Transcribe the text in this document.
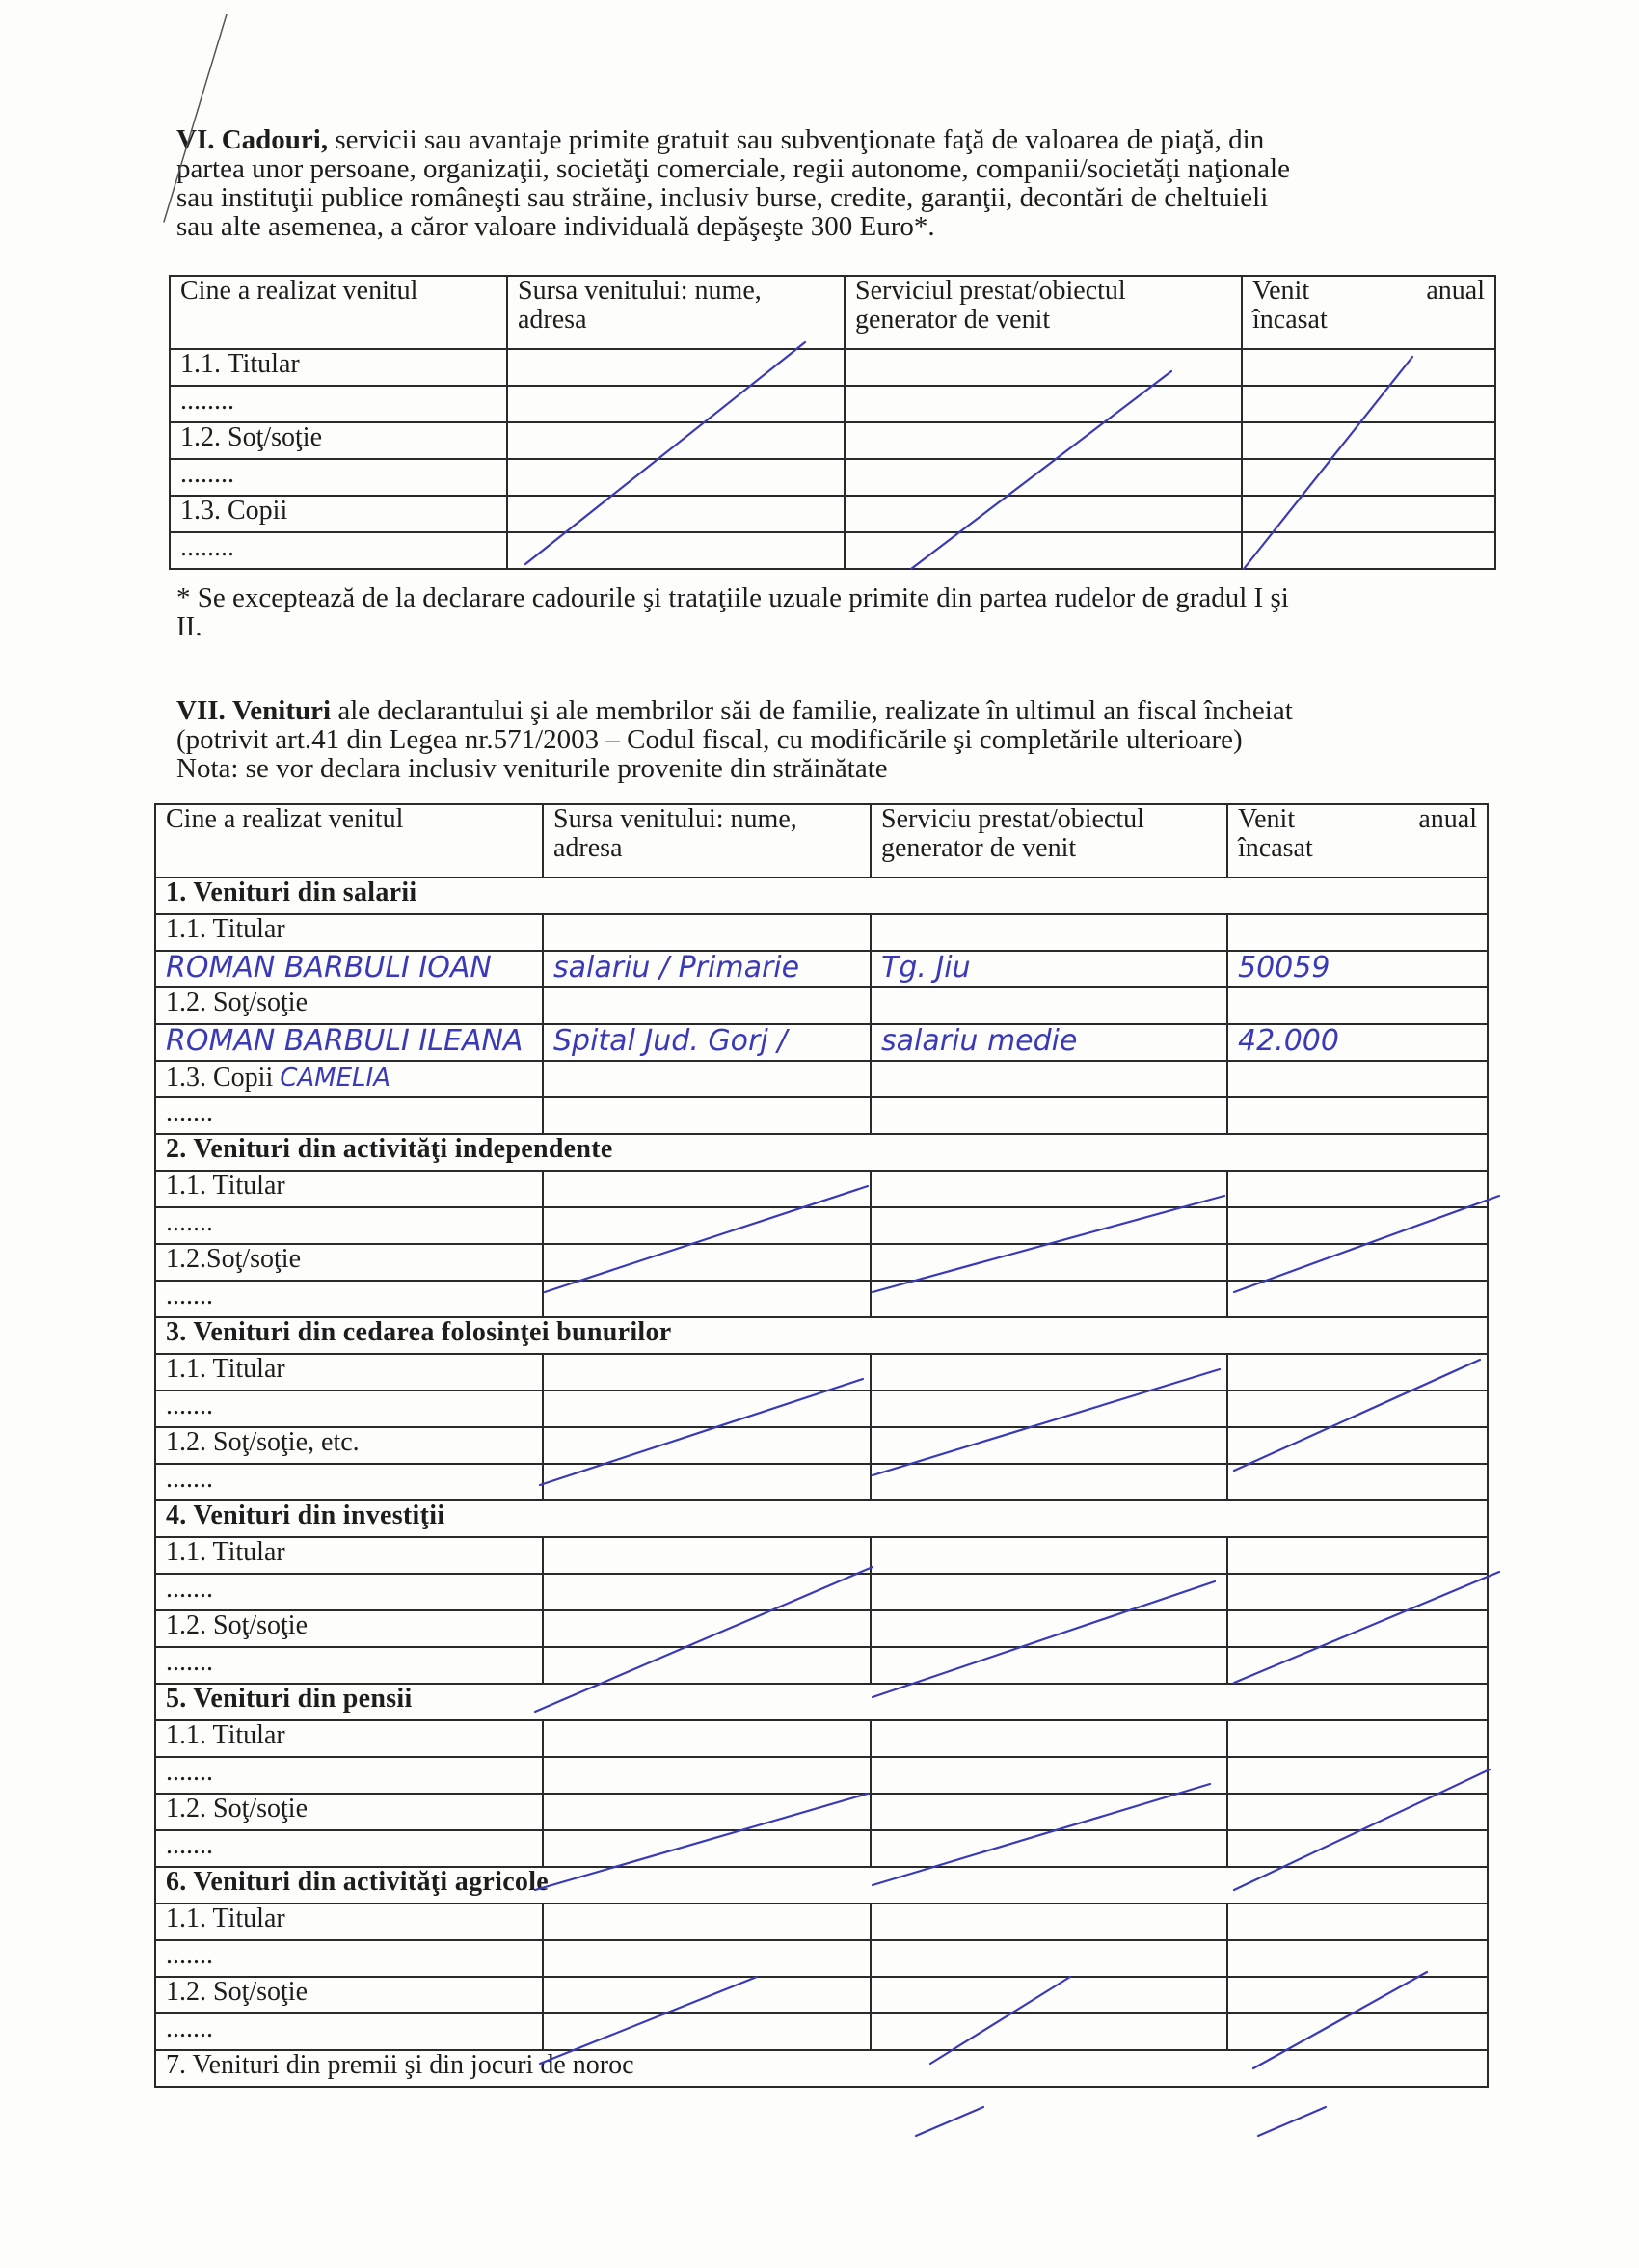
VI. Cadouri, servicii sau avantaje primite gratuit sau subvenţionate faţă de valoarea de piaţă, din

partea unor persoane, organizaţii, societăţi comerciale, regii autonome, companii/societăţi naţionale

sau instituţii publice româneşti sau străine, inclusiv burse, credite, garanţii, decontări de cheltuieli

sau alte asemenea, a căror valoare individuală depăşeşte 300 Euro*.

Cine a realizat venitul	Sursa venitului: nume, adresa	Serviciul prestat/obiectul generator de venit	Venit anual
încasat

1.1. Titular			
........			
1.2. Soţ/soţie			
........			
1.3. Copii			
........			

* Se exceptează de la declarare cadourile şi trataţiile uzuale primite din partea rudelor de gradul I şi

II.

VII. Venituri ale declarantului şi ale membrilor săi de familie, realizate în ultimul an fiscal încheiat

(potrivit art.41 din Legea nr.571/2003 – Codul fiscal, cu modificările şi completările ulterioare)

Nota: se vor declara inclusiv veniturile provenite din străinătate

Cine a realizat venitul	Sursa venitului: nume, adresa	Serviciu prestat/obiectul generator de venit	Venit anual
încasat

1. Venituri din salarii			
1.1. Titular			
ROMAN BARBULI IOAN	salariu / Primarie	Tg. Jiu	50059
1.2. Soţ/soţie			
ROMAN BARBULI ILEANA	Spital Jud. Gorj /	salariu medie	42.000
1.3. Copii CAMELIA			
.......			
2. Venituri din activităţi independente			
1.1. Titular			
.......			
1.2.Soţ/soţie			
.......			
3. Venituri din cedarea folosinţei bunurilor			
1.1. Titular			
.......			
1.2. Soţ/soţie, etc.			
.......			
4. Venituri din investiţii			
1.1. Titular			
.......			
1.2. Soţ/soţie			
.......			
5. Venituri din pensii			
1.1. Titular			
.......			
1.2. Soţ/soţie			
.......			
6. Venituri din activităţi agricole			
1.1. Titular			
.......			
1.2. Soţ/soţie			
.......			
7. Venituri din premii şi din jocuri de noroc			
